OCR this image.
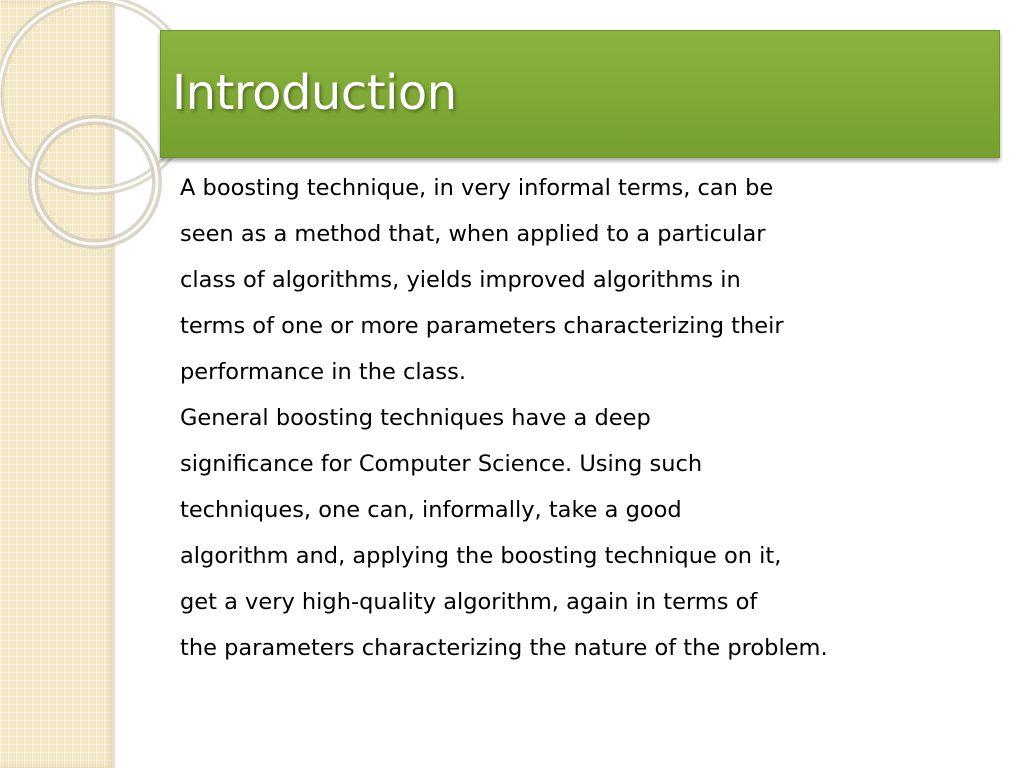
Introduction
A boosting technique, in very informal terms, can be
seen as a method that, when applied to a particular
class of algorithms, yields improved algorithms in
terms of one or more parameters characterizing their
performance in the class.
General boosting techniques have a deep
significance for Computer Science. Using such
techniques, one can, informally, take a good
algorithm and, applying the boosting technique on it,
get a very high-quality algorithm, again in terms of
the parameters characterizing the nature of the problem.
